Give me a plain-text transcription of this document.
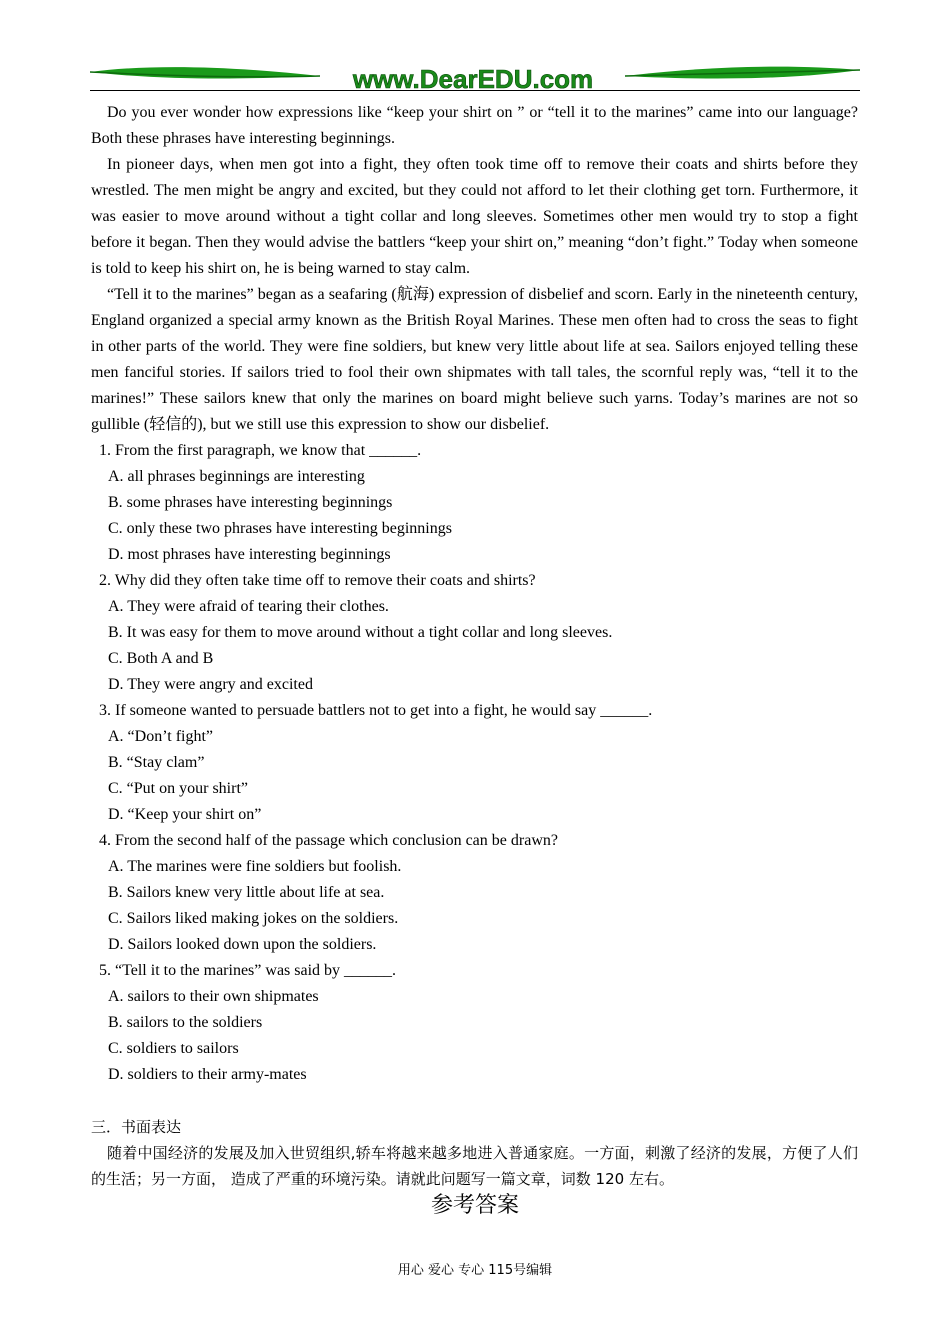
www.DearEDU.com

Do you ever wonder how expressions like “keep your shirt on ” or “tell it to the marines” came into our language? Both these phrases have interesting beginnings.

In pioneer days, when men got into a fight, they often took time off to remove their coats and shirts before they wrestled. The men might be angry and excited, but they could not afford to let their clothing get torn. Furthermore, it was easier to move around without a tight collar and long sleeves. Sometimes other men would try to stop a fight before it began. Then they would advise the battlers “keep your shirt on,” meaning “don’t fight.” Today when someone is told to keep his shirt on, he is being warned to stay calm.

“Tell it to the marines” began as a seafaring (航海) expression of disbelief and scorn. Early in the nineteenth century, England organized a special army known as the British Royal Marines. These men often had to cross the seas to fight in other parts of the world. They were fine soldiers, but knew very little about life at sea. Sailors enjoyed telling these men fanciful stories. If sailors tried to fool their own shipmates with tall tales, the scornful reply was, “tell it to the marines!” These sailors knew that only the marines on board might believe such yarns. Today’s marines are not so gullible (轻信的), but we still use this expression to show our disbelief.

1. From the first paragraph, we know that ______.

A. all phrases beginnings are interesting

B. some phrases have interesting beginnings

C. only these two phrases have interesting beginnings

D. most phrases have interesting beginnings

2. Why did they often take time off to remove their coats and shirts?

A. They were afraid of tearing their clothes.

B. It was easy for them to move around without a tight collar and long sleeves.

C. Both A and B

D. They were angry and excited

3. If someone wanted to persuade battlers not to get into a fight, he would say ______.

A. “Don’t fight”

B. “Stay clam”

C. “Put on your shirt”

D. “Keep your shirt on”

4. From the second half of the passage which conclusion can be drawn?

A. The marines were fine soldiers but foolish.

B. Sailors knew very little about life at sea.

C. Sailors liked making jokes on the soldiers.

D. Sailors looked down upon the soldiers.

5. “Tell it to the marines” was said by ______.

A. sailors to their own shipmates

B. sailors to the soldiers

C. soldiers to sailors

D. soldiers to their army-mates

三．书面表达

随着中国经济的发展及加入世贸组织,轿车将越来越多地进入普通家庭。一方面，刺激了经济的发展，方便了人们的生活；另一方面， 造成了严重的环境污染。请就此问题写一篇文章，词数 120 左右。

参考答案
用心 爱心 专心 115号编辑
